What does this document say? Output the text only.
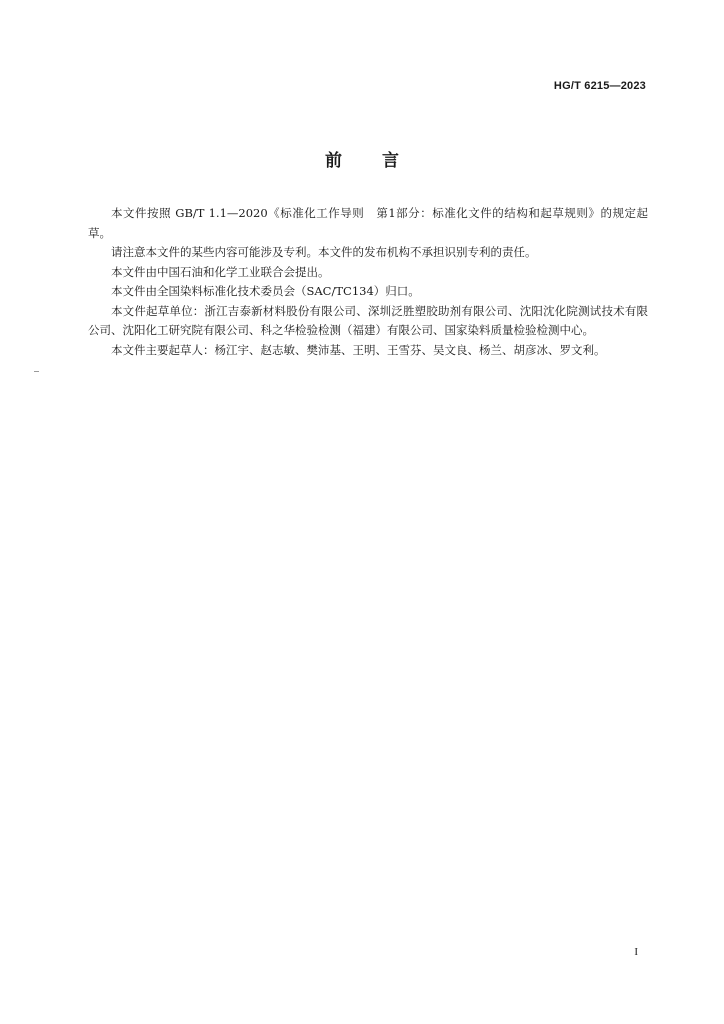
HG/T 6215—2023
前言

本文件按照 GB/T 1.1—2020《标准化工作导则　第1部分：标准化文件的结构和起草规则》的规定起草。

请注意本文件的某些内容可能涉及专利。本文件的发布机构不承担识别专利的责任。

本文件由中国石油和化学工业联合会提出。

本文件由全国染料标准化技术委员会（SAC/TC134）归口。

本文件起草单位：浙江吉泰新材料股份有限公司、深圳泛胜塑胶助剂有限公司、沈阳沈化院测试技术有限公司、沈阳化工研究院有限公司、科之华检验检测（福建）有限公司、国家染料质量检验检测中心。

本文件主要起草人：杨江宇、赵志敏、樊沛基、王明、王雪芬、吴文良、杨兰、胡彦冰、罗文利。

I
